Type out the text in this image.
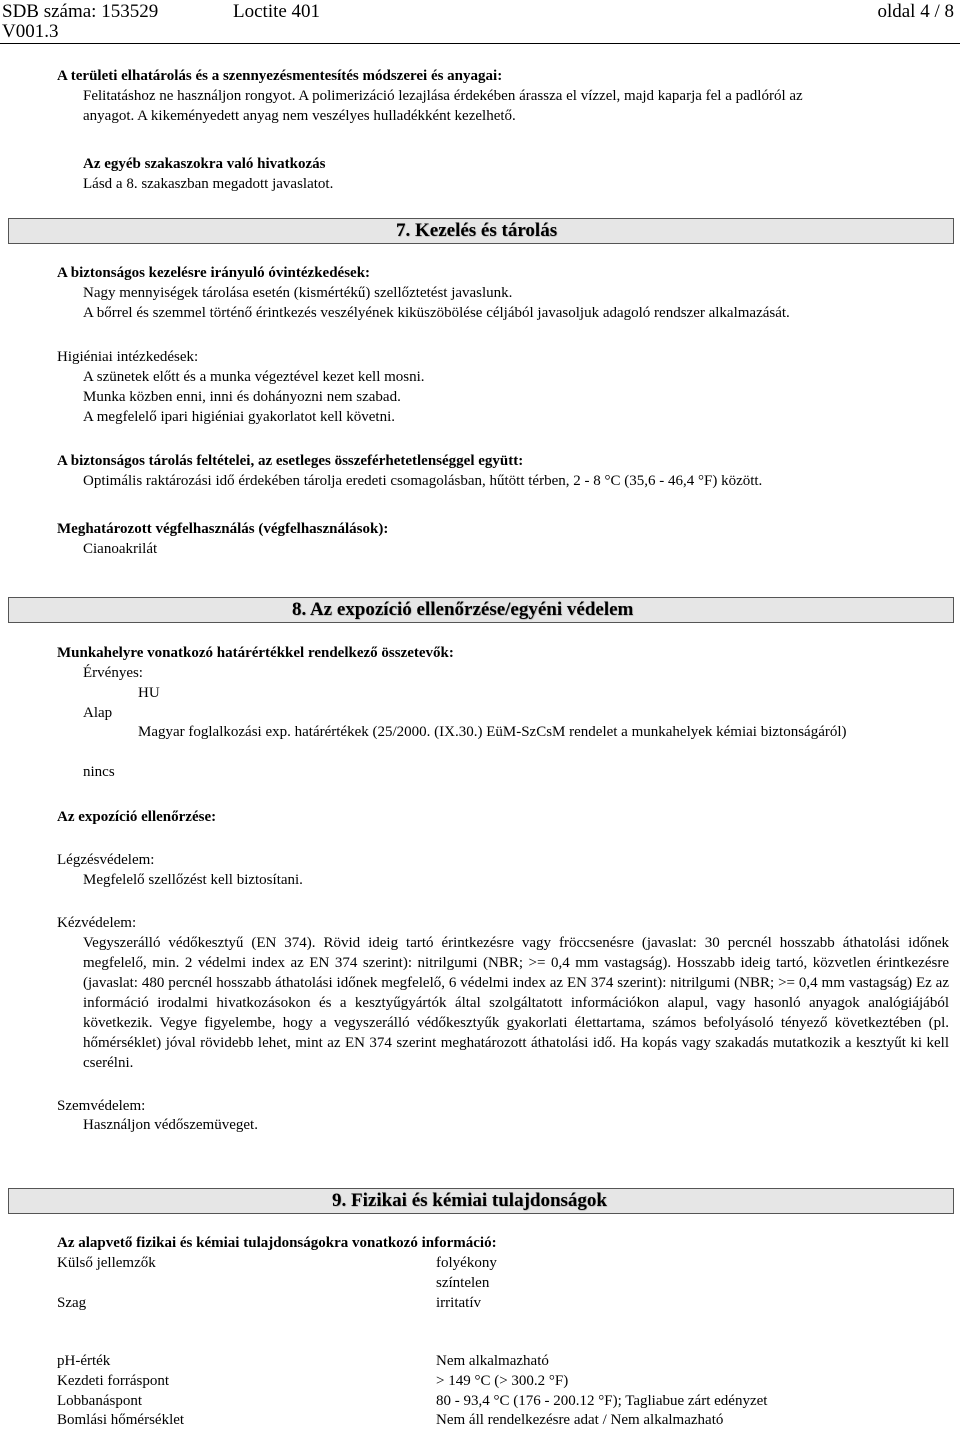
SDB száma: 153529	Loctite 401	oldal 4 / 8
V001.3
A területi elhatárolás és a szennyezésmentesítés módszerei és anyagai:
Felitatáshoz ne használjon rongyot. A polimerizáció lezajlása érdekében árassza el vízzel, majd kaparja fel a padlóról az
anyagot. A kikeményedett anyag nem veszélyes hulladékként kezelhető.
Az egyéb szakaszokra való hivatkozás
Lásd a 8. szakaszban megadott javaslatot.
7. Kezelés és tárolás
A biztonságos kezelésre irányuló óvintézkedések:
Nagy mennyiségek tárolása esetén (kismértékű) szellőztetést javaslunk.
A bőrrel és szemmel történő érintkezés veszélyének kiküszöbölése céljából javasoljuk adagoló rendszer alkalmazását.
Higiéniai intézkedések:
A szünetek előtt és a munka végeztével kezet kell mosni.
Munka közben enni, inni és dohányozni nem szabad.
A megfelelő ipari higiéniai gyakorlatot kell követni.
A biztonságos tárolás feltételei, az esetleges összeférhetetlenséggel együtt:
Optimális raktározási idő érdekében tárolja eredeti csomagolásban, hűtött térben, 2 - 8 °C (35,6 - 46,4 °F) között.
Meghatározott végfelhasználás (végfelhasználások):
Cianoakrilát
8. Az expozíció ellenőrzése/egyéni védelem
Munkahelyre vonatkozó határértékkel rendelkező összetevők:
Érvényes:
HU
Alap
Magyar foglalkozási exp. határértékek (25/2000. (IX.30.) EüM-SzCsM rendelet a munkahelyek kémiai biztonságáról)
nincs
Az expozíció ellenőrzése:
Légzésvédelem:
Megfelelő szellőzést kell biztosítani.
Kézvédelem:
Vegyszerálló védőkesztyű (EN 374). Rövid ideig tartó érintkezésre vagy fröccsenésre (javaslat: 30 percnél hosszabb áthatolási időnek megfelelő, min. 2 védelmi index az EN 374 szerint): nitrilgumi (NBR; >= 0,4 mm vastagság). Hosszabb ideig tartó, közvetlen érintkezésre (javaslat: 480 percnél hosszabb áthatolási időnek megfelelő, 6 védelmi index az EN 374 szerint): nitrilgumi (NBR; >= 0,4 mm vastagság) Ez az információ irodalmi hivatkozásokon és a kesztyűgyártók által szolgáltatott információkon alapul, vagy hasonló anyagok analógiájából következik. Vegye figyelembe, hogy a vegyszerálló védőkesztyűk gyakorlati élettartama, számos befolyásoló tényező következtében (pl. hőmérséklet) jóval rövidebb lehet, mint az EN 374 szerint meghatározott áthatolási idő. Ha kopás vagy szakadás mutatkozik a kesztyűt ki kell cserélni.
Szemvédelem:
Használjon védőszemüveget.
9. Fizikai és kémiai tulajdonságok
Az alapvető fizikai és kémiai tulajdonságokra vonatkozó információ:
Külső jellemzők	folyékony
színtelen
Szag	irritatív
pH-érték	Nem alkalmazható
Kezdeti forráspont	> 149 °C (> 300.2 °F)
Lobbanáspont	80 - 93,4 °C (176 - 200.12 °F); Tagliabue zárt edényzet
Bomlási hőmérséklet	Nem áll rendelkezésre adat / Nem alkalmazható
